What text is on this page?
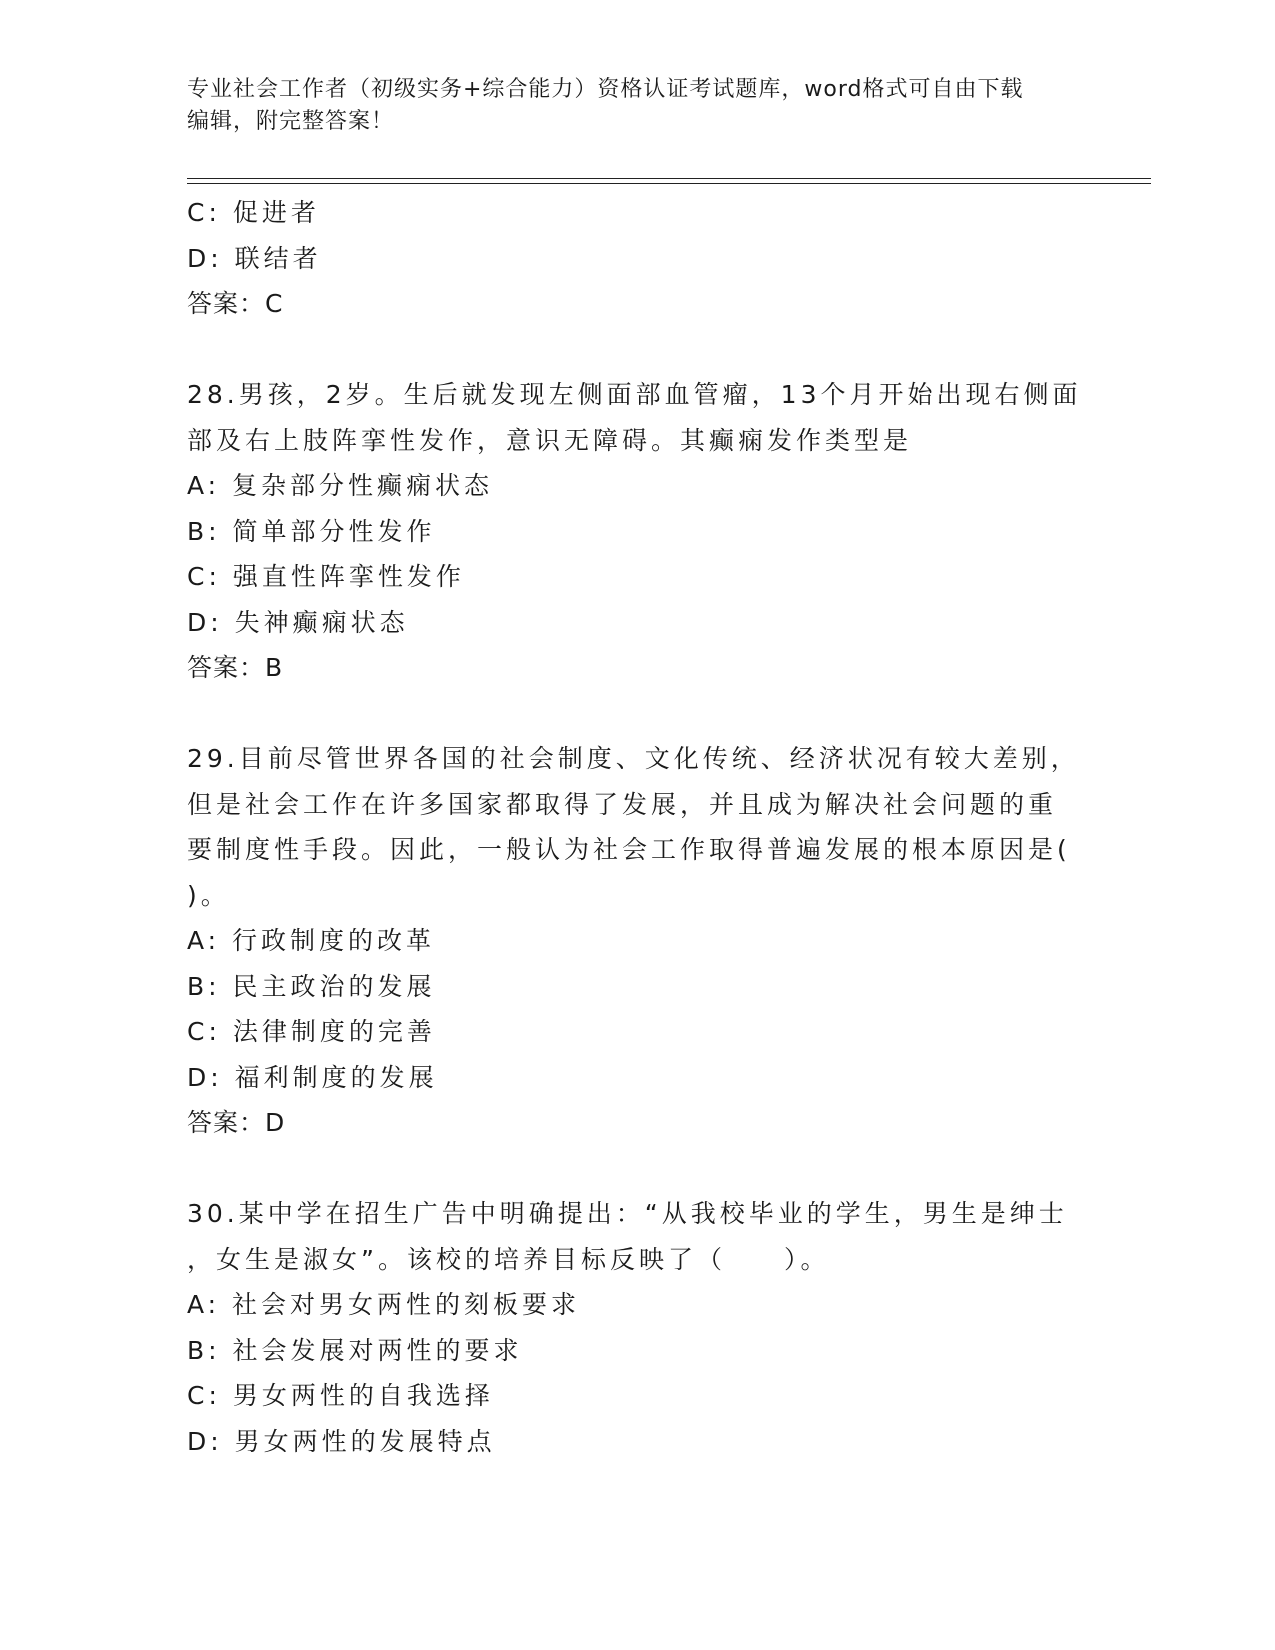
专业社会工作者（初级实务+综合能力）资格认证考试题库，word格式可自由下载
编辑，附完整答案！
C: 促进者
D: 联结者
答案：C
28.男孩，2岁。生后就发现左侧面部血管瘤，13个月开始出现右侧面
部及右上肢阵挛性发作，意识无障碍。其癫痫发作类型是
A: 复杂部分性癫痫状态
B: 简单部分性发作
C: 强直性阵挛性发作
D: 失神癫痫状态
答案：B
29.目前尽管世界各国的社会制度、文化传统、经济状况有较大差别，
但是社会工作在许多国家都取得了发展，并且成为解决社会问题的重
要制度性手段。因此，一般认为社会工作取得普遍发展的根本原因是(
)。
A: 行政制度的改革
B: 民主政治的发展
C: 法律制度的完善
D: 福利制度的发展
答案：D
30.某中学在招生广告中明确提出：“从我校毕业的学生，男生是绅士
，女生是淑女”。该校的培养目标反映了（　　）。
A: 社会对男女两性的刻板要求
B: 社会发展对两性的要求
C: 男女两性的自我选择
D: 男女两性的发展特点
